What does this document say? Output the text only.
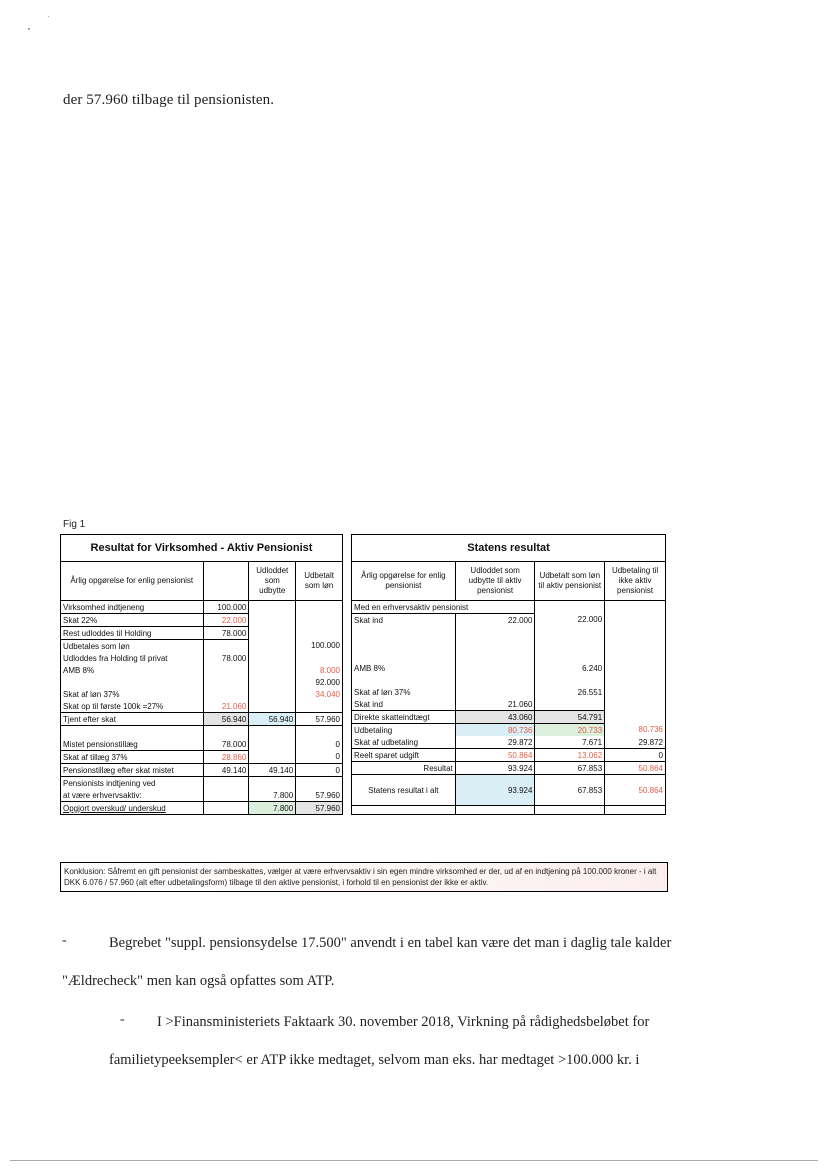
der 57.960 tilbage til pensionisten.
Fig 1
Resultat for Virksomhed - Aktiv Pensionist			
Årlig opgørelse for enlig pensionist		Udloddet som udbytte	Udbetalt som løn
Virksomhed indtjeneng	100.000		
Skat 22%	22.000		
Rest udloddes til Holding	78.000		
Udbetales som løn			100.000
Udloddes fra Holding til privat	78.000		
AMB 8%			8.000
			92.000
Skat af løn 37%			34.040
Skat op til første 100k =27%	21.060		
Tjent efter skat	56.940	56.940	57.960

Mistet pensionstillæg	78.000		0
Skat af tillæg 37%	28.860		0
Pensionstillæg efter skat mistet	49.140	49.140	0
Pensionists indtjening ved			
at være erhvervsaktiv:		7.800	57.960
Opgjort overskud/ underskud		7.800	57.960
Statens resultat			
Årlig opgørelse for enlig pensionist	Udloddet som udbytte til aktiv pensionist	Udbetalt som løn til aktiv pensionist	Udbetaling til ikke aktiv pensionist
Med en erhvervsaktiv pensionist			
Skat ind	22.000	22.000	

AMB 8%		6.240	

Skat af løn 37%		26.551	
Skat ind	21.060		
Direkte skatteindtægt	43.060	54.791	
Udbetaling	80.736	20.733	80.736
Skat af udbetaling	29.872	7.671	29.872
Reelt sparet udgift	50.864	13.062	0
Resultat	93.924	67.853	50.864
Statens resultat i alt	93.924	67.853	50.864

Konklusion: Såfremt en gift pensionist der sambeskattes, vælger at være erhvervsaktiv i sin egen mindre virksomhed er der, ud af en indtjening på 100.000 kroner - i alt DKK 6.076 / 57.960 (alt efter udbetalingsform) tilbage til den aktive pensionist, i forhold til en pensionist der ikke er aktiv.
-	Begrebet "suppl. pensionsydelse 17.500" anvendt i en tabel kan være det man i daglig tale kalder
"Ældrecheck" men kan også opfattes som ATP.
- I >Finansministeriets Faktaark 30. november 2018, Virkning på rådighedsbeløbet for
familietypeeksempler< er ATP ikke medtaget, selvom man eks. har medtaget >100.000 kr. i
